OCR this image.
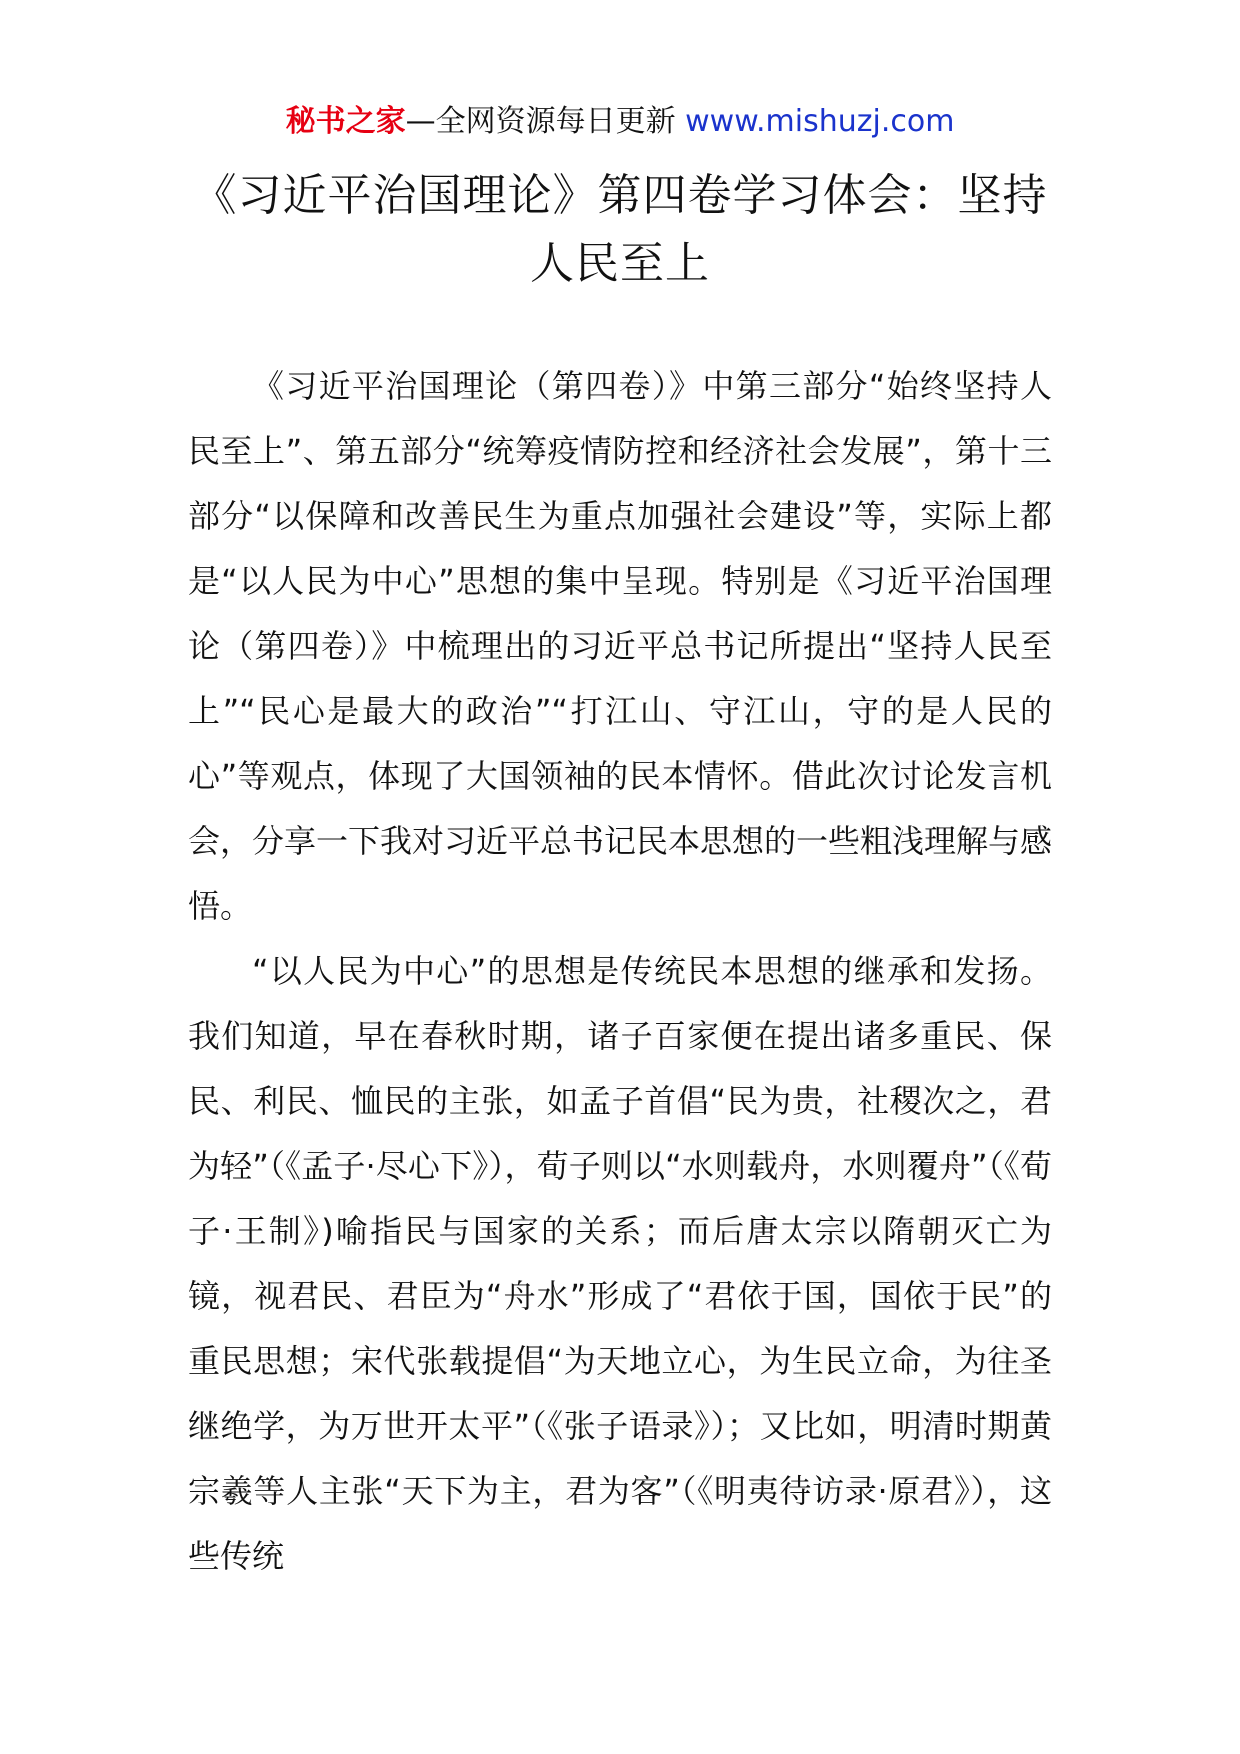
秘书之家—全网资源每日更新 www.mishuzj.com
《习近平治国理论》第四卷学习体会：坚持人民至上

《习近平治国理论（第四卷）》中第三部分“始终坚持人民至上”、第五部分“统筹疫情防控和经济社会发展”，第十三部分“以保障和改善民生为重点加强社会建设”等，实际上都是“以人民为中心”思想的集中呈现。特别是《习近平治国理论（第四卷）》中梳理出的习近平总书记所提出“坚持人民至上”“民心是最大的政治”“打江山、守江山，守的是人民的心”等观点，体现了大国领袖的民本情怀。借此次讨论发言机会，分享一下我对习近平总书记民本思想的一些粗浅理解与感悟。

“以人民为中心”的思想是传统民本思想的继承和发扬。我们知道，早在春秋时期，诸子百家便在提出诸多重民、保民、利民、恤民的主张，如孟子首倡“民为贵，社稷次之，君为轻”（《孟子·尽心下》），荀子则以“水则载舟，水则覆舟”（《荀子·王制》)喻指民与国家的关系；而后唐太宗以隋朝灭亡为镜，视君民、君臣为“舟水”形成了“君依于国，国依于民”的重民思想；宋代张载提倡“为天地立心，为生民立命，为往圣继绝学，为万世开太平”（《张子语录》）；又比如，明清时期黄宗羲等人主张“天下为主，君为客”（《明夷待访录·原君》），这些传统
